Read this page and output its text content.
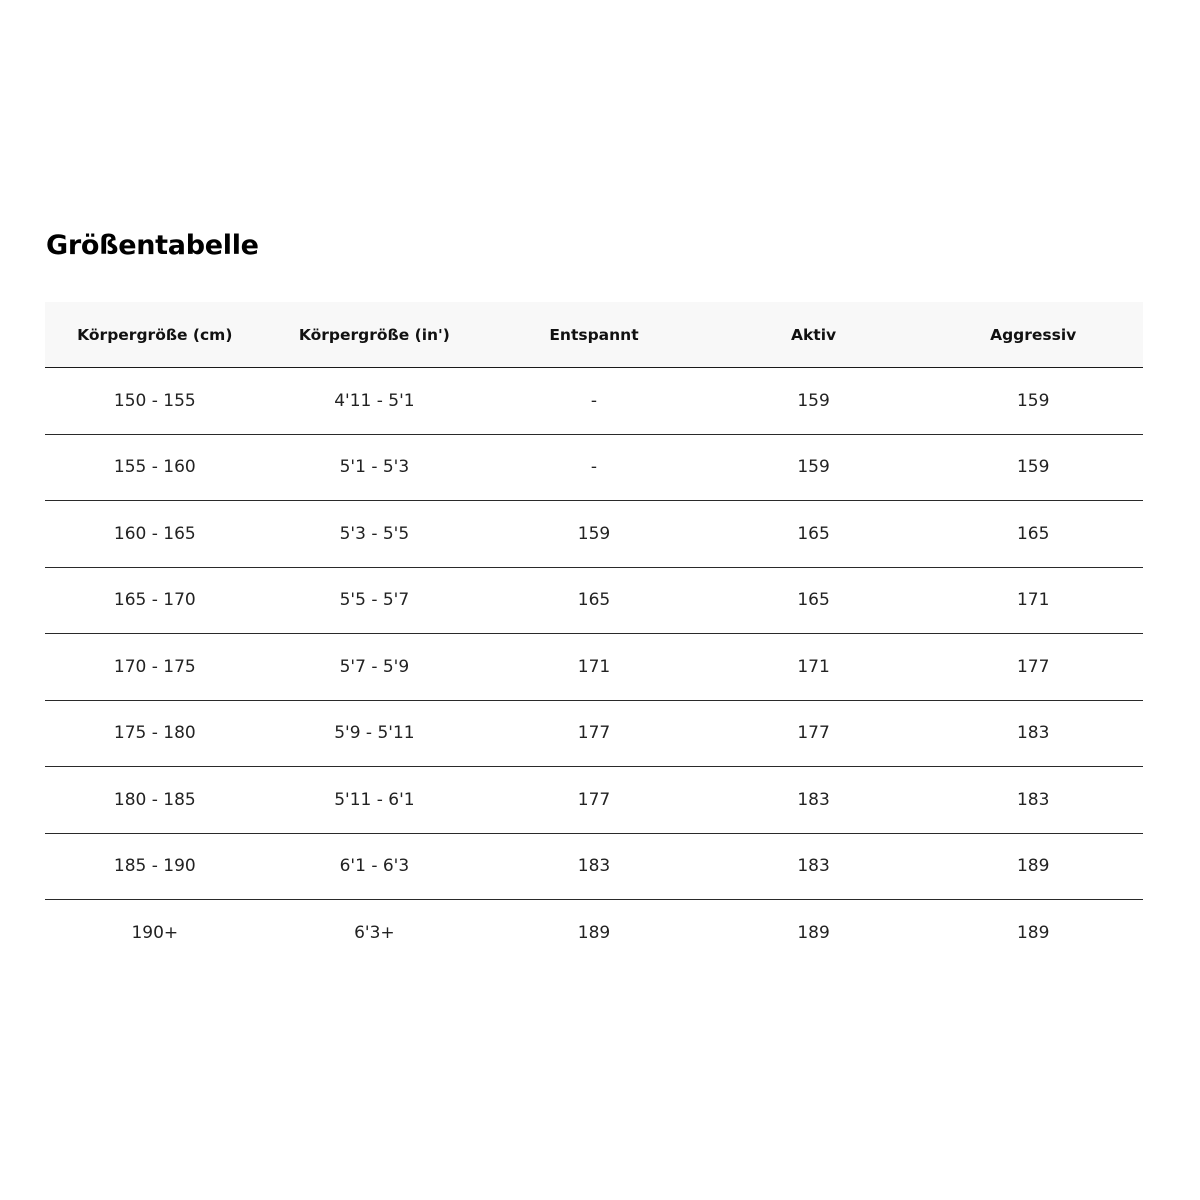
Größentabelle
Körpergröße (cm)	Körpergröße (in')	Entspannt	Aktiv	Aggressiv
150 - 155	4'11 - 5'1	-	159	159
155 - 160	5'1 - 5'3	-	159	159
160 - 165	5'3 - 5'5	159	165	165
165 - 170	5'5 - 5'7	165	165	171
170 - 175	5'7 - 5'9	171	171	177
175 - 180	5'9 - 5'11	177	177	183
180 - 185	5'11 - 6'1	177	183	183
185 - 190	6'1 - 6'3	183	183	189
190+	6'3+	189	189	189
